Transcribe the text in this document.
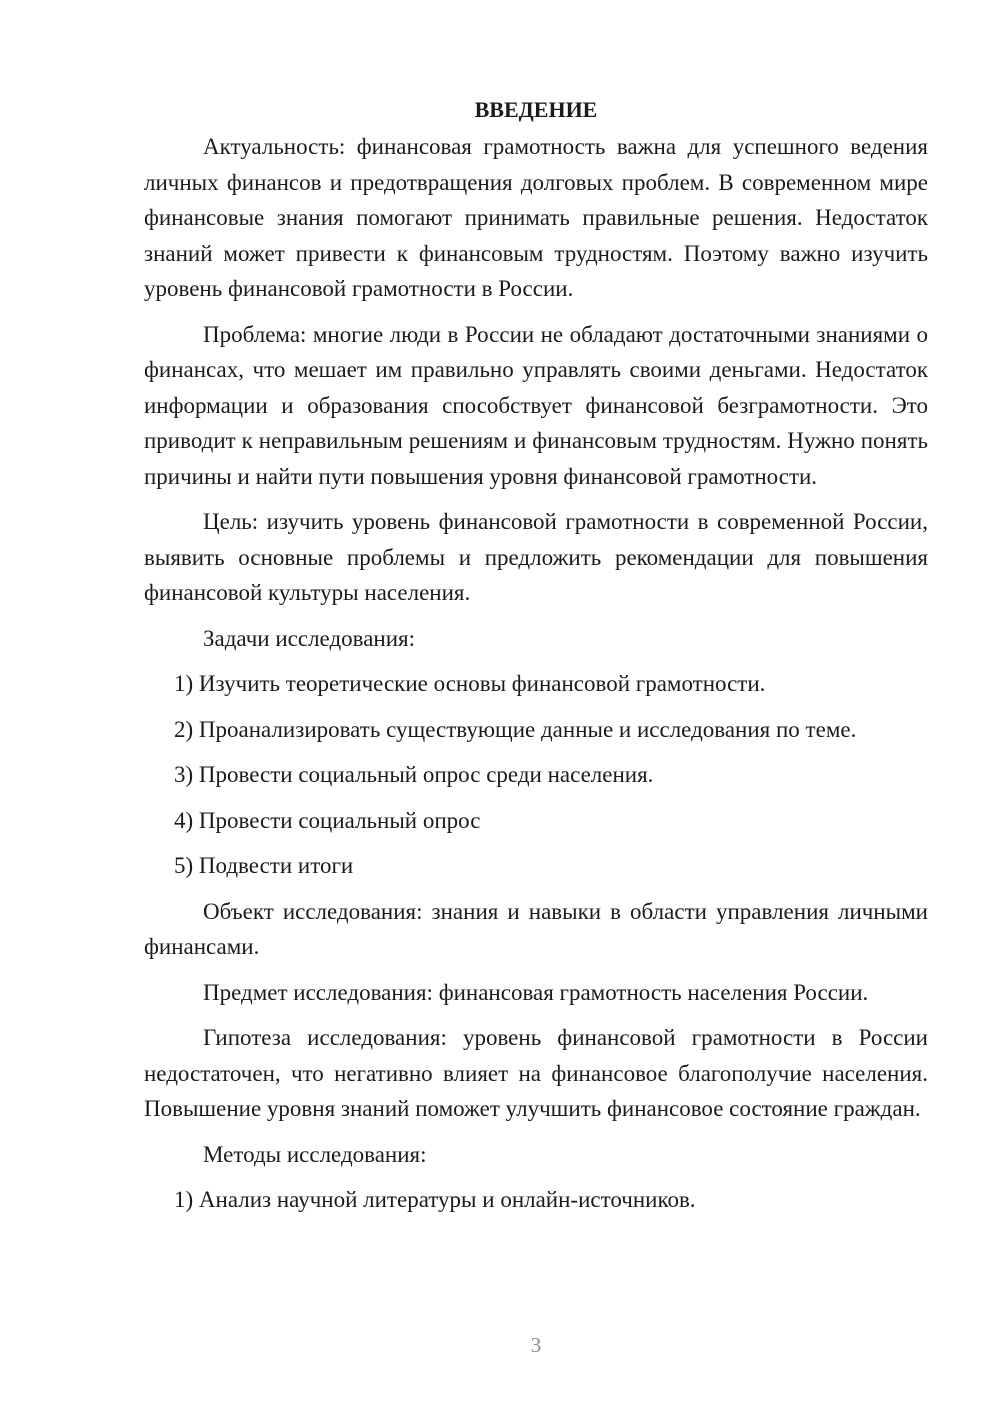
ВВЕДЕНИЕ

Актуальность: финансовая грамотность важна для успешного ведения личных финансов и предотвращения долговых проблем. В современном мире финансовые знания помогают принимать правильные решения. Недостаток знаний может привести к финансовым трудностям. Поэтому важно изучить уровень финансовой грамотности в России.

Проблема: многие люди в России не обладают достаточными знаниями о финансах, что мешает им правильно управлять своими деньгами. Недостаток информации и образования способствует финансовой безграмотности. Это приводит к неправильным решениям и финансовым трудностям. Нужно понять причины и найти пути повышения уровня финансовой грамотности.

Цель: изучить уровень финансовой грамотности в современной России, выявить основные проблемы и предложить рекомендации для повышения финансовой культуры населения.

Задачи исследования:

1) Изучить теоретические основы финансовой грамотности.

2) Проанализировать существующие данные и исследования по теме.

3) Провести социальный опрос среди населения.

4) Провести социальный опрос

5) Подвести итоги

Объект исследования: знания и навыки в области управления личными финансами.

Предмет исследования: финансовая грамотность населения России.

Гипотеза исследования: уровень финансовой грамотности в России недостаточен, что негативно влияет на финансовое благополучие населения. Повышение уровня знаний поможет улучшить финансовое состояние граждан.

Методы исследования:

1) Анализ научной литературы и онлайн-источников.

3
